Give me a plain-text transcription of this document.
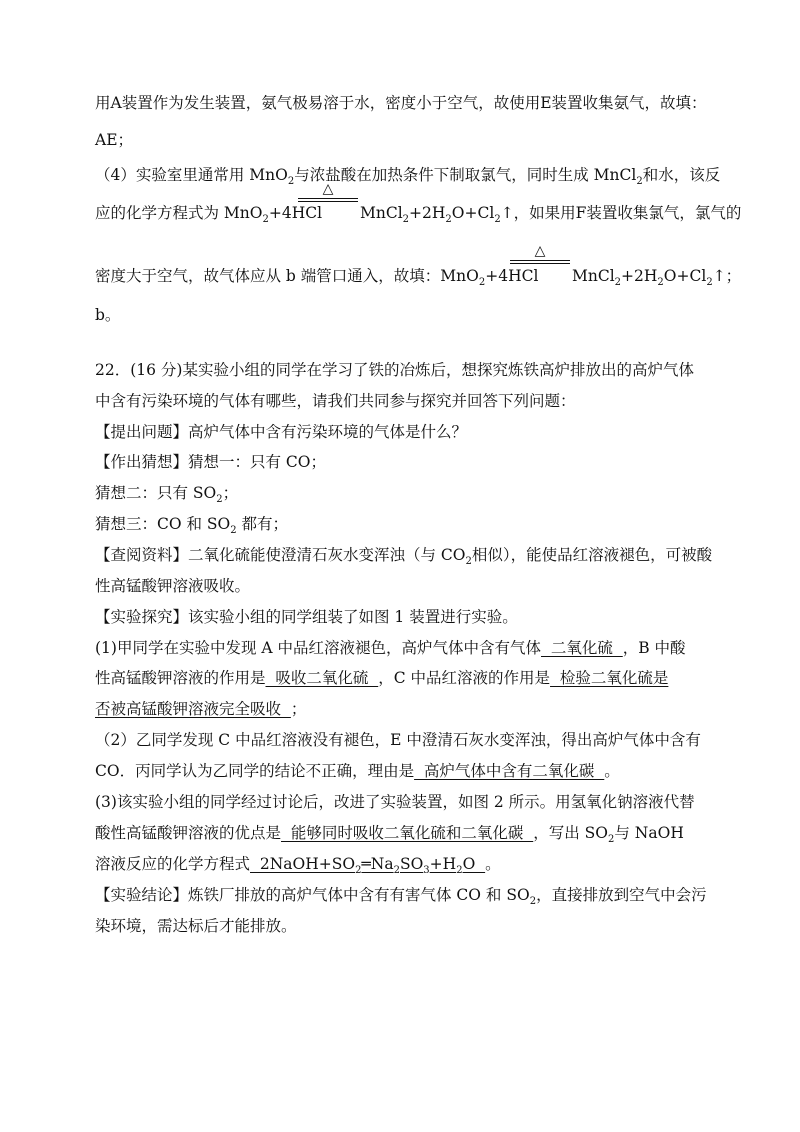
用A装置作为发生装置，氨气极易溶于水，密度小于空气，故使用E装置收集氨气，故填：
AE；
（4）实验室里通常用 MnO$_2$与浓盐酸在加热条件下制取氯气，同时生成 MnCl$_2$和水，该反
△
应的化学方程式为 MnO$_2$+4HCl $MnCl_2+2H_2O+Cl_2↑$，如果用F装置收集氯气，氯气的
△
密度大于空气，故气体应从 b 端管口通入，故填：MnO$_2$+4HCl $MnCl_2+2H_2O+Cl_2↑$；
b。
22．(16 分)某实验小组的同学在学习了铁的冶炼后，想探究炼铁高炉排放出的高炉气体
中含有污染环境的气体有哪些，请我们共同参与探究并回答下列问题：
【提出问题】高炉气体中含有污染环境的气体是什么？
【作出猜想】猜想一：只有 CO；
猜想二：只有 $SO_2$；
猜想三：CO 和 $SO_2$ 都有；
【查阅资料】二氧化硫能使澄清石灰水变浑浊（与 $CO_2$相似），能使品红溶液褪色，可被酸
性高锰酸钾溶液吸收。
【实验探究】该实验小组的同学组装了如图 1 装置进行实验。
(1)甲同学在实验中发现 A 中品红溶液褪色，高炉气体中含有气体  二氧化硫  ，B 中酸
性高锰酸钾溶液的作用是  吸收二氧化硫  ，C 中品红溶液的作用是  检验二氧化硫是
否被高锰酸钾溶液完全吸收  ；
（2）乙同学发现 C 中品红溶液没有褪色，E 中澄清石灰水变浑浊，得出高炉气体中含有
CO．丙同学认为乙同学的结论不正确，理由是  高炉气体中含有二氧化碳  。
(3)该实验小组的同学经过讨论后，改进了实验装置，如图 2 所示。用氢氧化钠溶液代替
酸性高锰酸钾溶液的优点是  能够同时吸收二氧化硫和二氧化碳  ，写出 $SO_2$与 NaOH
溶液反应的化学方程式  $2NaOH+SO_2═Na_2SO_3+H_2O$  。
【实验结论】炼铁厂排放的高炉气体中含有有害气体 CO 和 $SO_2$，直接排放到空气中会污
染环境，需达标后才能排放。
